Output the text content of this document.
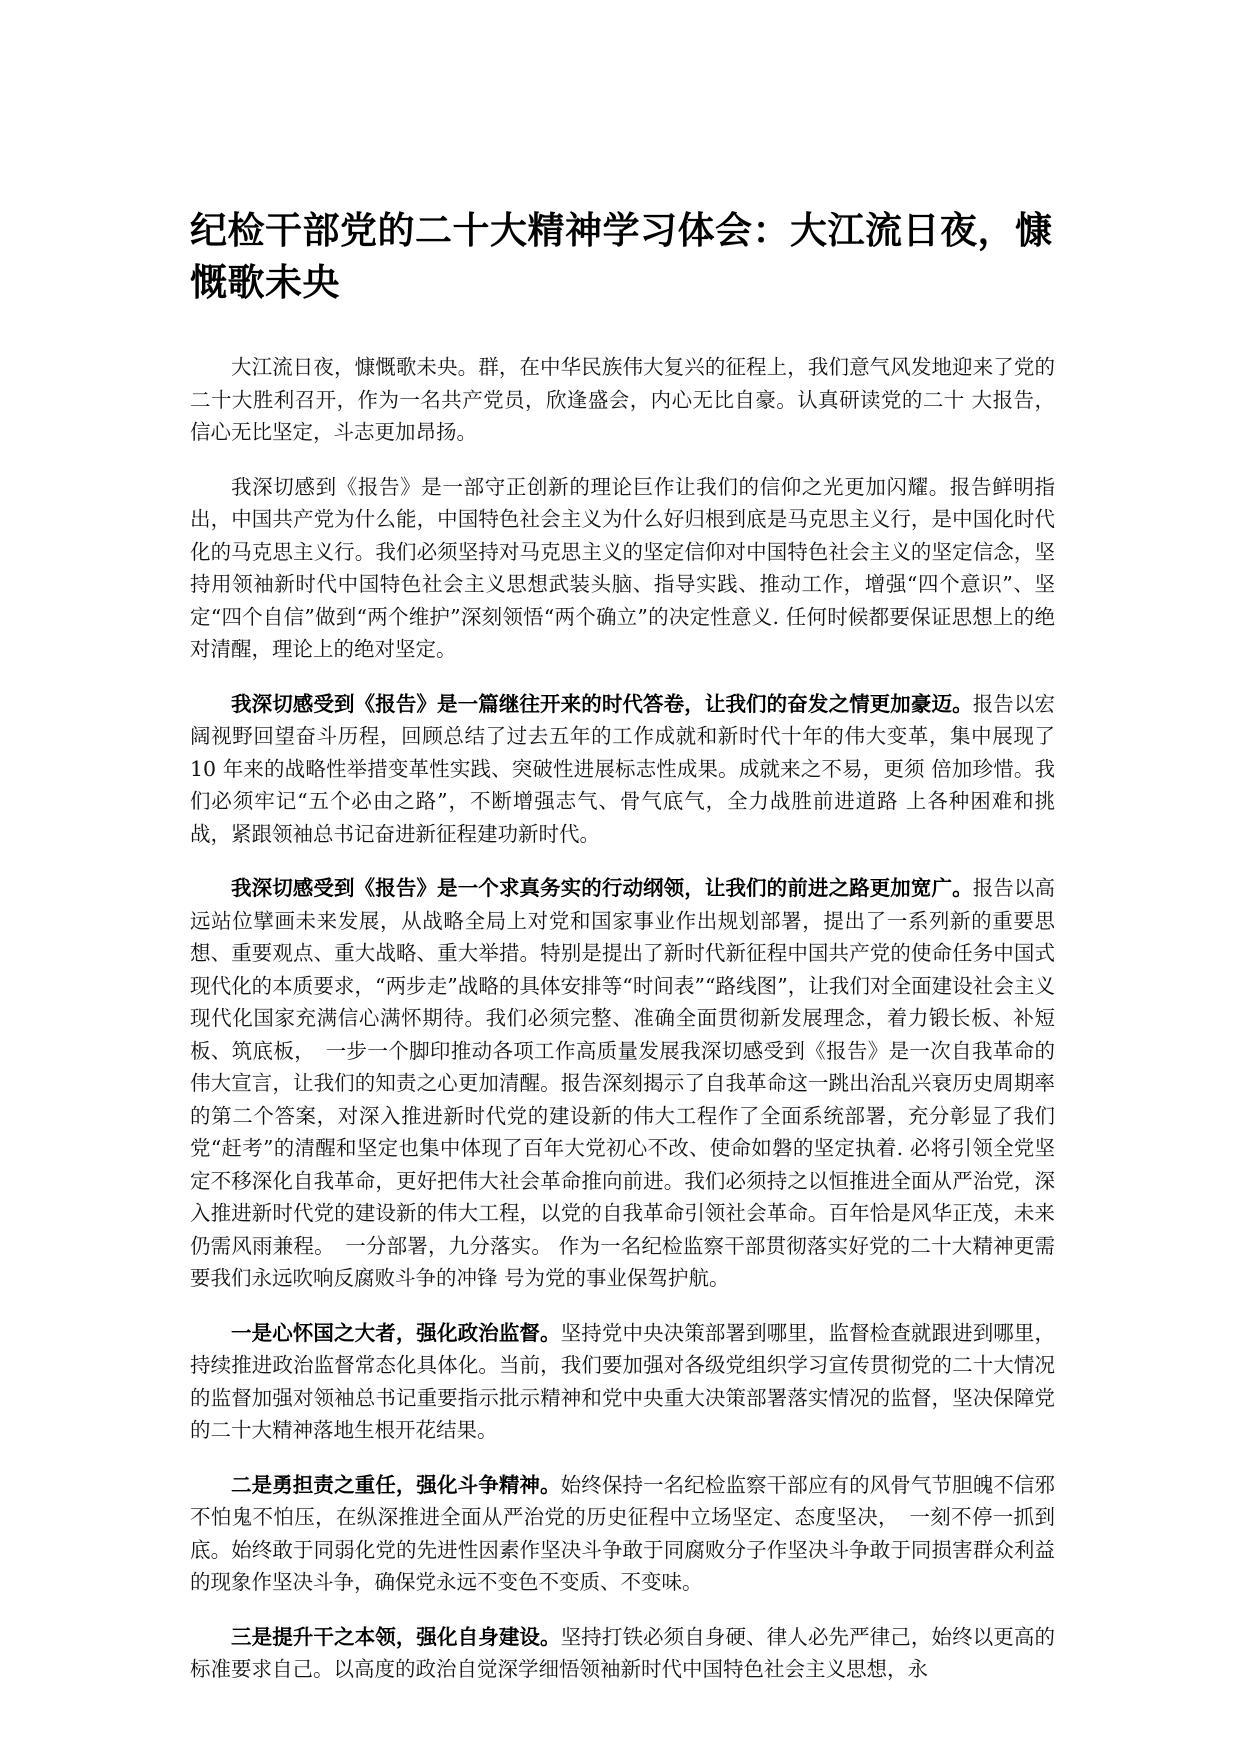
纪检干部党的二十大精神学习体会：大江流日夜，慷慨歌未央

大江流日夜，慷慨歌未央。群，在中华民族伟大复兴的征程上，我们意气风发地迎来了党的二十大胜利召开，作为一名共产党员，欣逢盛会，内心无比自豪。认真研读党的二十 大报告，信心无比坚定，斗志更加昂扬。

我深切感到《报告》是一部守正创新的理论巨作让我们的信仰之光更加闪耀。报告鲜明指出，中国共产党为什么能，中国特色社会主义为什么好归根到底是马克思主义行，是中国化时代化的马克思主义行。我们必须坚持对马克思主义的坚定信仰对中国特色社会主义的坚定信念，坚持用领袖新时代中国特色社会主义思想武装头脑、指导实践、推动工作，增强“四个意识”、坚定“四个自信”做到“两个维护”深刻领悟“两个确立”的决定性意义. 任何时候都要保证思想上的绝对清醒，理论上的绝对坚定。

我深切感受到《报告》是一篇继往开来的时代答卷，让我们的奋发之情更加豪迈。报告以宏阔视野回望奋斗历程，回顾总结了过去五年的工作成就和新时代十年的伟大变革，集中展现了 10 年来的战略性举措变革性实践、突破性进展标志性成果。成就来之不易，更须 倍加珍惜。我们必须牢记“五个必由之路”，不断增强志气、骨气底气，全力战胜前进道路 上各种困难和挑战，紧跟领袖总书记奋进新征程建功新时代。

我深切感受到《报告》是一个求真务实的行动纲领，让我们的前进之路更加宽广。报告以高远站位擘画未来发展，从战略全局上对党和国家事业作出规划部署，提出了一系列新的重要思想、重要观点、重大战略、重大举措。特别是提出了新时代新征程中国共产党的使命任务中国式现代化的本质要求，“两步走”战略的具体安排等“时间表”“路线图”，让我们对全面建设社会主义现代化国家充满信心满怀期待。我们必须完整、准确全面贯彻新发展理念，着力锻长板、补短板、筑底板，　一步一个脚印推动各项工作高质量发展我深切感受到《报告》是一次自我革命的伟大宣言，让我们的知责之心更加清醒。报告深刻揭示了自我革命这一跳出治乱兴衰历史周期率的第二个答案，对深入推进新时代党的建设新的伟大工程作了全面系统部署，充分彰显了我们党“赶考”的清醒和坚定也集中体现了百年大党初心不改、使命如磐的坚定执着. 必将引领全党坚定不移深化自我革命，更好把伟大社会革命推向前进。我们必须持之以恒推进全面从严治党，深入推进新时代党的建设新的伟大工程，以党的自我革命引领社会革命。百年恰是风华正茂，未来仍需风雨兼程。　一分部署，九分落实。 作为一名纪检监察干部贯彻落实好党的二十大精神更需要我们永远吹响反腐败斗争的冲锋 号为党的事业保驾护航。

一是心怀国之大者，强化政治监督。坚持党中央决策部署到哪里，监督检查就跟进到哪里，持续推进政治监督常态化具体化。当前，我们要加强对各级党组织学习宣传贯彻党的二十大情况的监督加强对领袖总书记重要指示批示精神和党中央重大决策部署落实情况的监督，坚决保障党的二十大精神落地生根开花结果。

二是勇担责之重任，强化斗争精神。始终保持一名纪检监察干部应有的风骨气节胆魄不信邪不怕鬼不怕压，在纵深推进全面从严治党的历史征程中立场坚定、态度坚决，　一刻不停一抓到底。始终敢于同弱化党的先进性因素作坚决斗争敢于同腐败分子作坚决斗争敢于同损害群众利益的现象作坚决斗争，确保党永远不变色不变质、不变味。

三是提升干之本领，强化自身建设。坚持打铁必须自身硬、律人必先严律己，始终以更高的标准要求自己。以高度的政治自觉深学细悟领袖新时代中国特色社会主义思想，永
